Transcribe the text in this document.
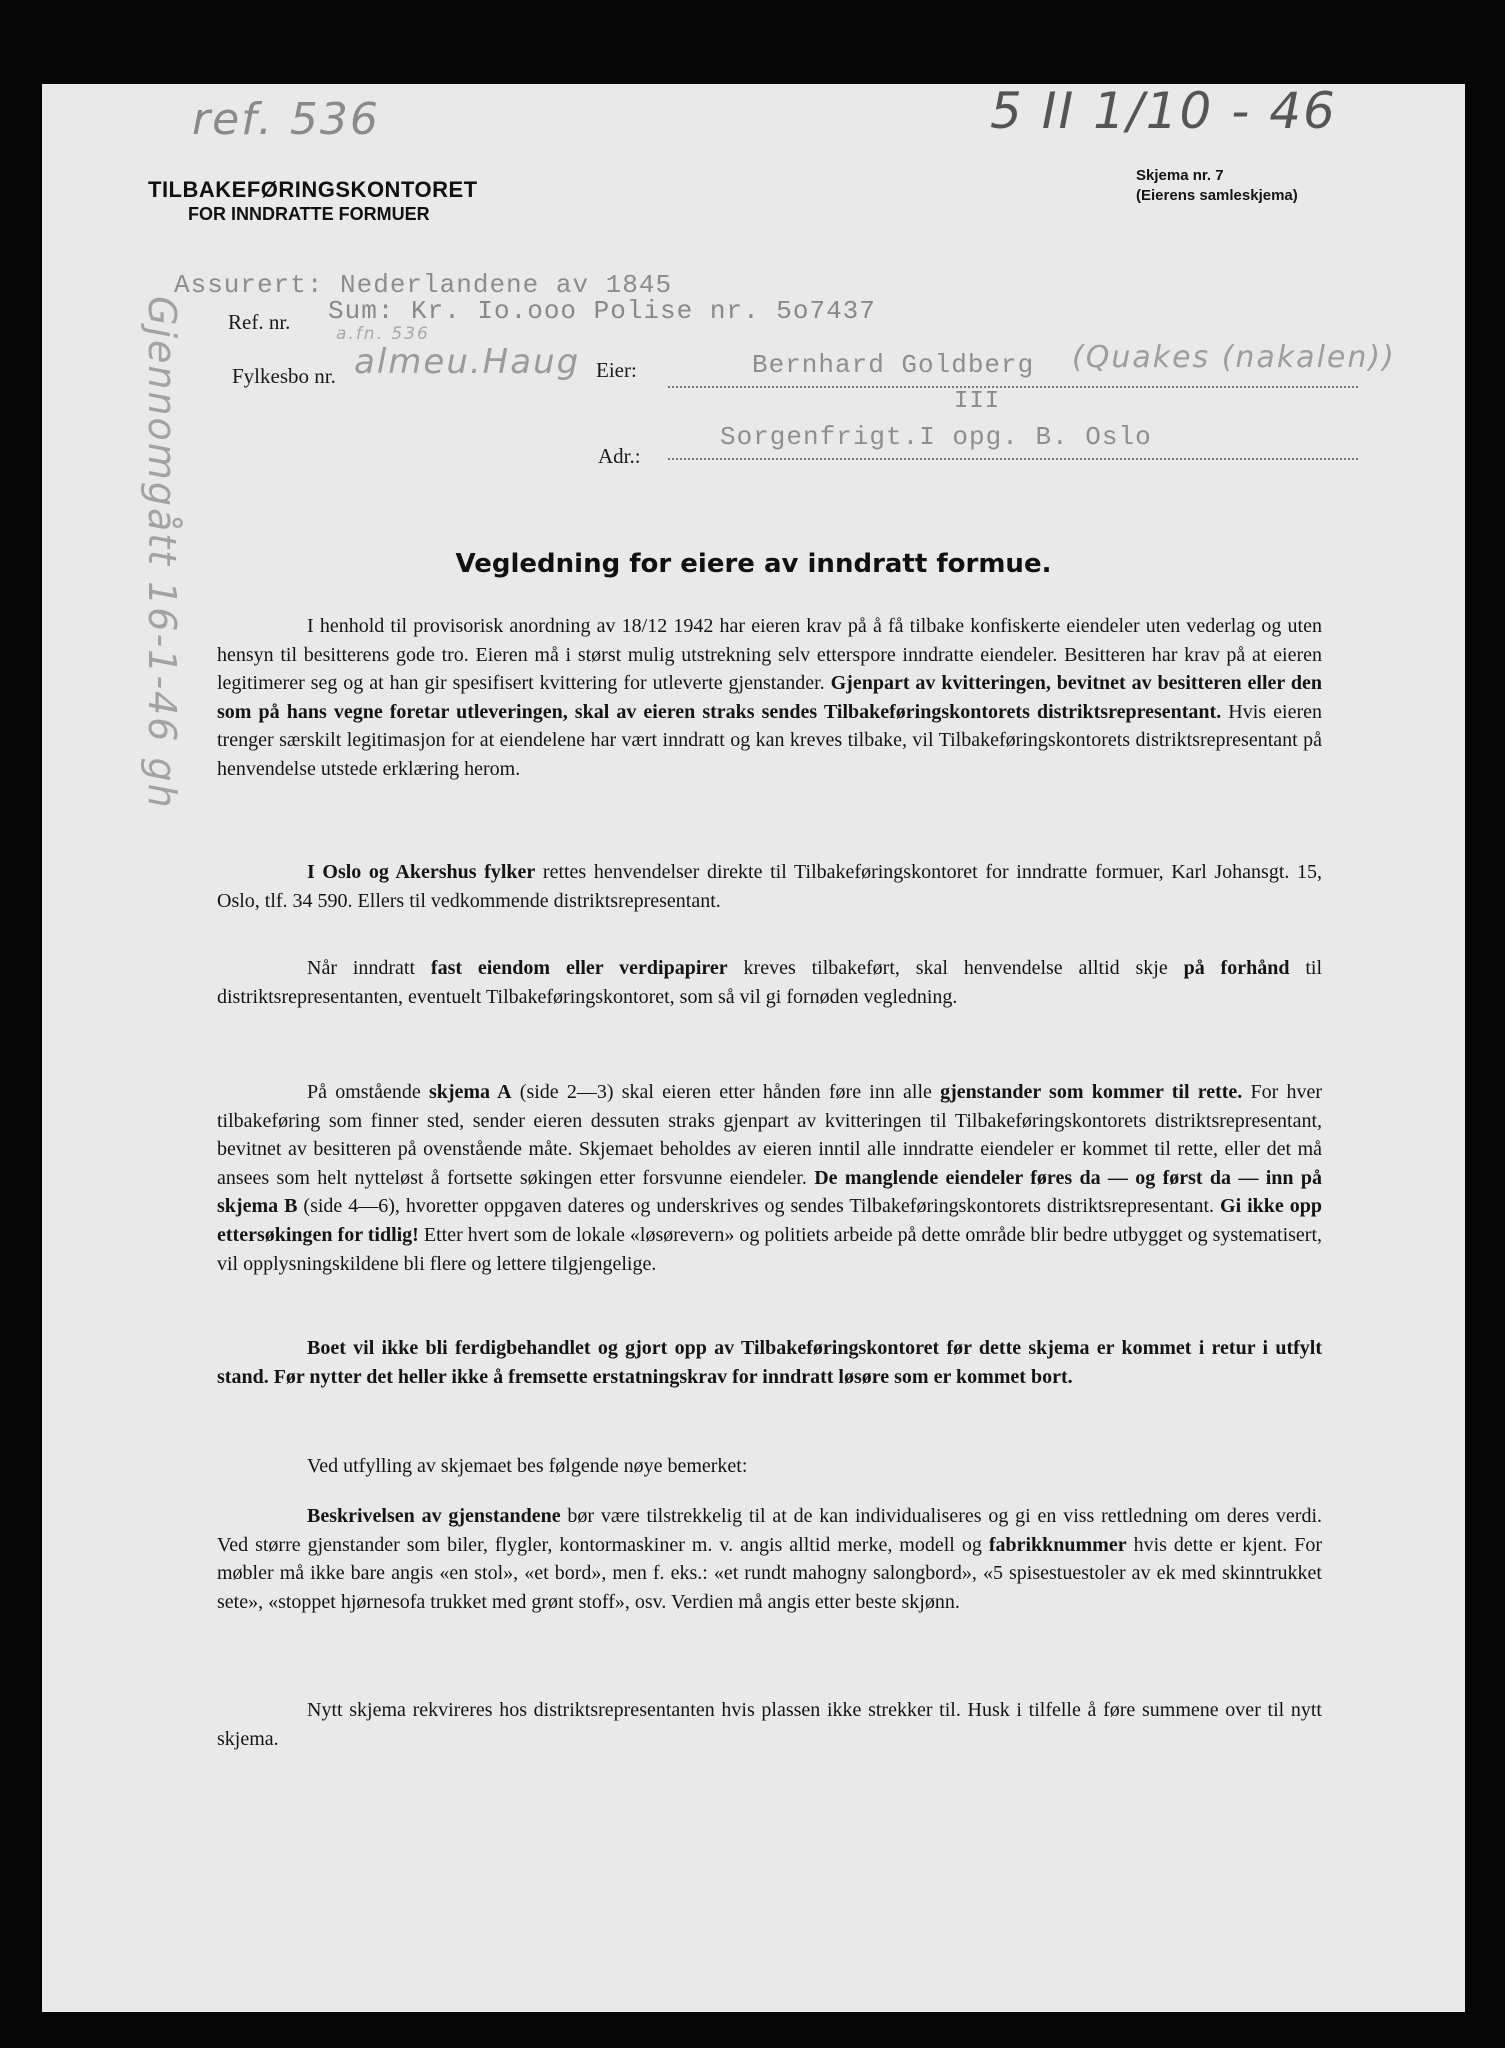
ref. 536	5 II 1/10 - 46
Gjennomgått 16-1-46 gh
TILBAKEFØRINGSKONTORET
FOR INNDRATTE FORMUER
Skjema nr. 7
(Eierens samleskjema)
Assurert: Nederlandene av 1845
Ref. nr. Sum: Kr. Io.ooo Polise nr. 5o7437
a.fn. 536
Fylkesbo nr. almeu.Haug Eier:	Bernhard Goldberg (Quakes (nakalen))
III
Adr.:
Sorgenfrigt.I opg. B. Oslo
Vegledning for eiere av inndratt formue.

I henhold til provisorisk anordning av 18/12 1942 har eieren krav på å få tilbake konfiskerte eiendeler uten vederlag og uten hensyn til besitterens gode tro. Eieren må i størst mulig utstrekning selv etterspore inndratte eiendeler. Besitteren har krav på at eieren legitimerer seg og at han gir spesifisert kvittering for utleverte gjenstander. Gjenpart av kvitteringen, bevitnet av besitteren eller den som på hans vegne foretar utleveringen, skal av eieren straks sendes Tilbakeføringskontorets distriktsrepresentant. Hvis eieren trenger særskilt legitimasjon for at eiendelene har vært inndratt og kan kreves tilbake, vil Tilbakeføringskontorets distriktsrepresentant på henvendelse utstede erklæring herom.

I Oslo og Akershus fylker rettes henvendelser direkte til Tilbakeføringskontoret for inndratte formuer, Karl Johansgt. 15, Oslo, tlf. 34 590. Ellers til vedkommende distriktsrepresentant.

Når inndratt fast eiendom eller verdipapirer kreves tilbakeført, skal henvendelse alltid skje på forhånd til distriktsrepresentanten, eventuelt Tilbakeføringskontoret, som så vil gi fornøden vegledning.

På omstående skjema A (side 2—3) skal eieren etter hånden føre inn alle gjenstander som kommer til rette. For hver tilbakeføring som finner sted, sender eieren dessuten straks gjenpart av kvitteringen til Tilbakeføringskontorets distriktsrepresentant, bevitnet av besitteren på ovenstående måte. Skjemaet beholdes av eieren inntil alle inndratte eiendeler er kommet til rette, eller det må ansees som helt nytteløst å fortsette søkingen etter forsvunne eiendeler. De manglende eiendeler føres da — og først da — inn på skjema B (side 4—6), hvoretter oppgaven dateres og underskrives og sendes Tilbakeføringskontorets distriktsrepresentant. Gi ikke opp ettersøkingen for tidlig! Etter hvert som de lokale «løsørevern» og politiets arbeide på dette område blir bedre utbygget og systematisert, vil opplysningskildene bli flere og lettere tilgjengelige.

Boet vil ikke bli ferdigbehandlet og gjort opp av Tilbakeføringskontoret før dette skjema er kommet i retur i utfylt stand. Før nytter det heller ikke å fremsette erstatningskrav for inndratt løsøre som er kommet bort.

Ved utfylling av skjemaet bes følgende nøye bemerket:

Beskrivelsen av gjenstandene bør være tilstrekkelig til at de kan individualiseres og gi en viss rettledning om deres verdi. Ved større gjenstander som biler, flygler, kontormaskiner m. v. angis alltid merke, modell og fabrikknummer hvis dette er kjent. For møbler må ikke bare angis «en stol», «et bord», men f. eks.: «et rundt mahogny salongbord», «5 spisestuestoler av ek med skinntrukket sete», «stoppet hjørnesofa trukket med grønt stoff», osv. Verdien må angis etter beste skjønn.

Nytt skjema rekvireres hos distriktsrepresentanten hvis plassen ikke strekker til. Husk i tilfelle å føre summene over til nytt skjema.
